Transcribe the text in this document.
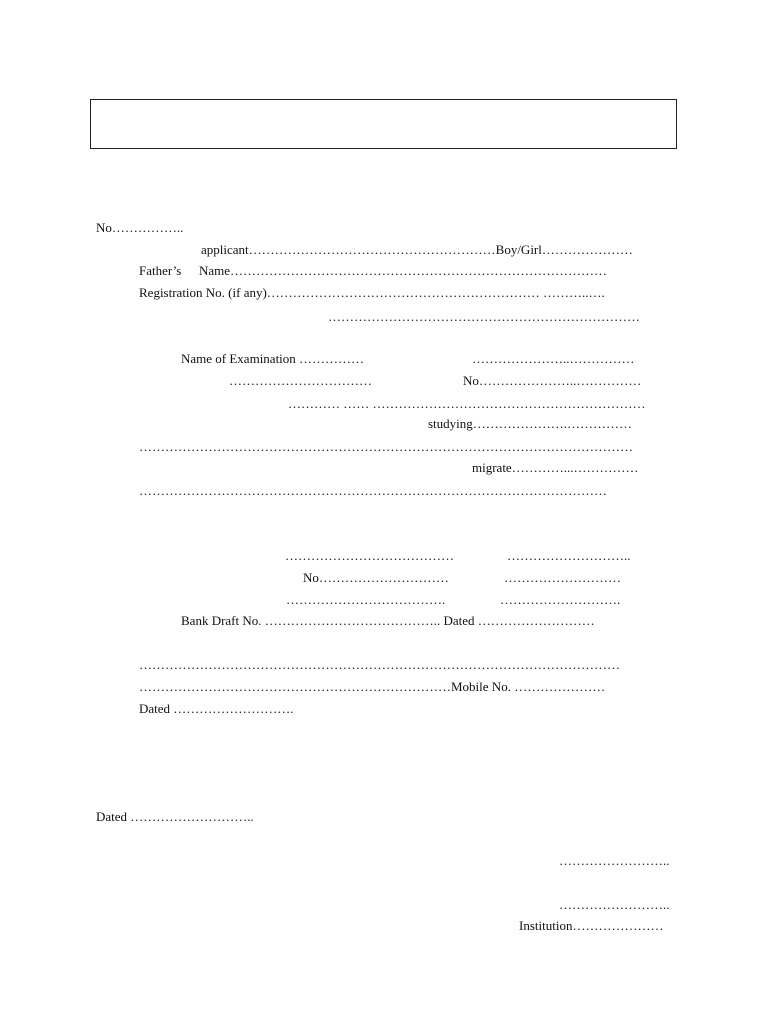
No……………..
applicant…………………………………………………Boy/Girl…………………
Father’s Name……………………………………………………………………………
Registration No. (if any)……………………………………………………… ………..….
………………………………………………………………
Name of Examination ……………	…………………..……………
……………………………	No…………………..……………
………… …… ………………………………………………………
studying………………….……………
……………………………………………………………………………………………………
migrate…………...……………
………………………………………………………………………………………………
…………………………………	………………………..
No…………………………	………………………
……………………………….	……………………….
Bank Draft No. ………………………………….. Dated ………………………
…………………………………………………………………………………………………
………………………………………………………………Mobile No. …………………
Dated ……………………….
Dated ………………………..
……………………..
……………………..
Institution…………………
